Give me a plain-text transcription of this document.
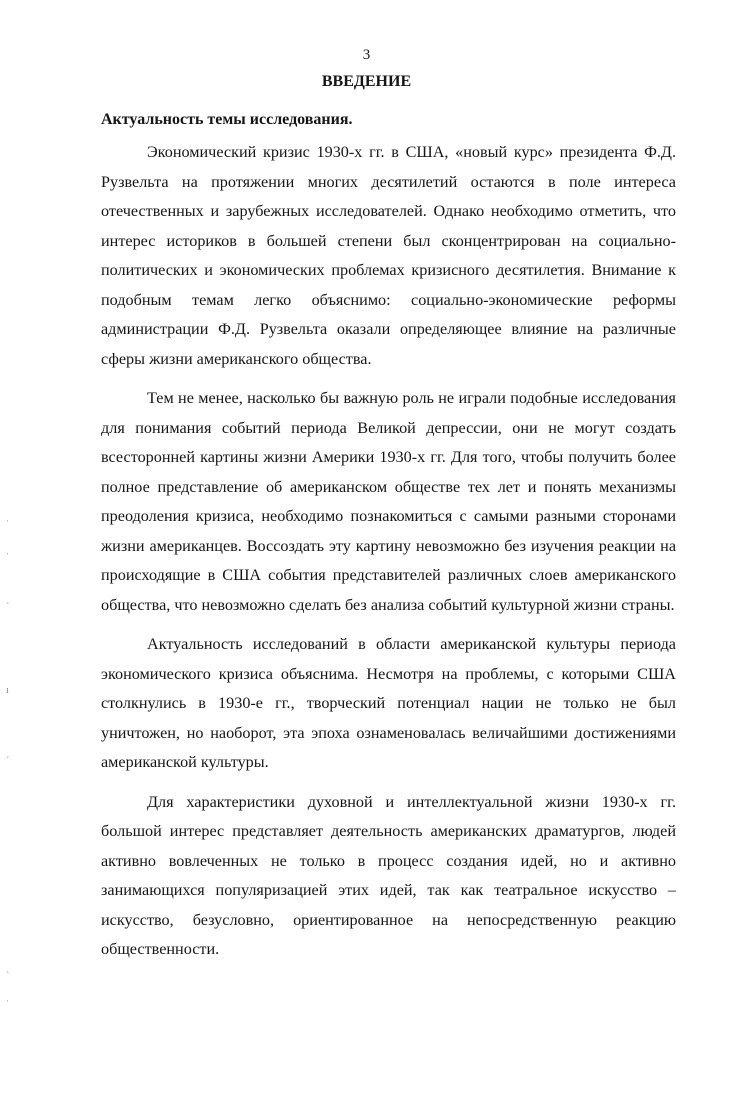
3
ВВЕДЕНИЕ
Актуальность темы исследования.

Экономический кризис 1930-х гг. в США, «новый курс» президента Ф.Д. Рузвельта на протяжении многих десятилетий остаются в поле интереса отечественных и зарубежных исследователей. Однако необходимо отметить, что интерес историков в большей степени был сконцентрирован на социально-политических и экономических проблемах кризисного десятилетия. Внимание к подобным темам легко объяснимо: социально-экономические реформы администрации Ф.Д. Рузвельта оказали определяющее влияние на различные сферы жизни американского общества.

Тем не менее, насколько бы важную роль не играли подобные исследования для понимания событий периода Великой депрессии, они не могут создать всесторонней картины жизни Америки 1930-х гг. Для того, чтобы получить более полное представление об американском обществе тех лет и понять механизмы преодоления кризиса, необходимо познакомиться с самыми разными сторонами жизни американцев. Воссоздать эту картину невозможно без изучения реакции на происходящие в США события представителей различных слоев американского общества, что невозможно сделать без анализа событий культурной жизни страны.

Актуальность исследований в области американской культуры периода экономического кризиса объяснима. Несмотря на проблемы, с которыми США столкнулись в 1930-е гг., творческий потенциал нации не только не был уничтожен, но наоборот, эта эпоха ознаменовалась величайшими достижениями американской культуры.

Для характеристики духовной и интеллектуальной жизни 1930-х гг. большой интерес представляет деятельность американских драматургов, людей активно вовлеченных не только в процесс создания идей, но и активно занимающихся популяризацией этих идей, так как театральное искусство – искусство, безусловно, ориентированное на непосредственную реакцию общественности.

ˈ
ˌ
ˋ
ı
ˊ
ˋ
ˌ
